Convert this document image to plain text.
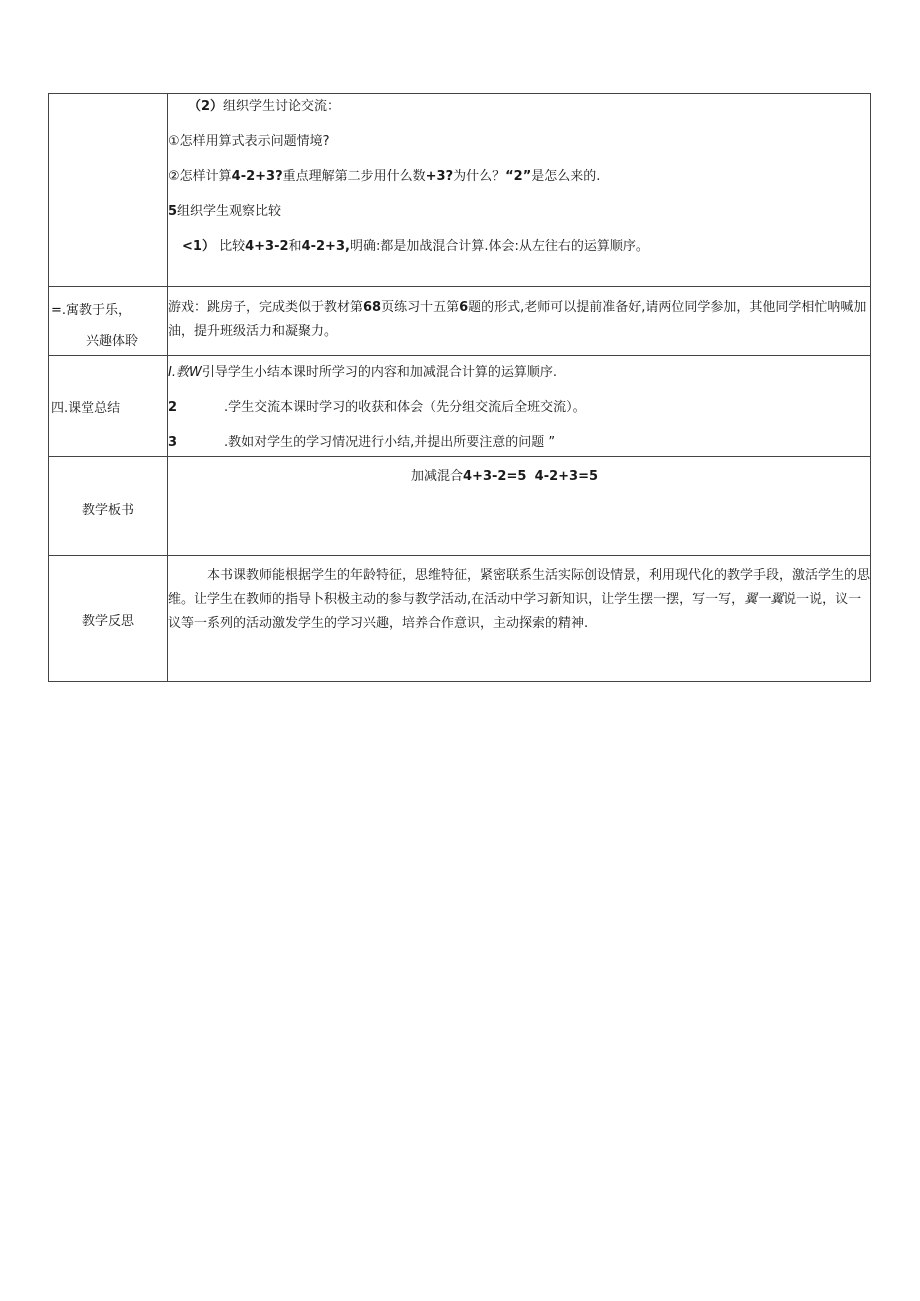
	（2）组织学生讨论交流：
①怎样用算式表示问题情境?
②怎样计算4-2+3?重点理解第二步用什么数+3?为什么？“2”是怎么来的.
5组织学生观察比较
<1） 比较4+3-2和4-2+3,明确:都是加战混合计算.体会:从左往右的运算顺序。

=.寓教于乐，
兴趣体聆	游戏：跳房子，完成类似于教材第68页练习十五第6题的形式,老师可以提前准备好,请两位同学参加，其他同学相忙呐喊加油，提升班级活力和凝聚力。

四.课堂总结	I.教W引导学生小结本课时所学习的内容和加减混合计算的运算顺序.
2 .学生交流本课时学习的收获和体会（先分组交流后全班交流）。
3 .教如对学生的学习情况进行小结,并提出所要注意的问题 ”

教学板书	加减混合4+3-2=5 4-2+3=5

教学反思	本书课教师能根据学生的年龄特征，思维特征，紧密联系生活实际创设情景，利用现代化的教学手段，激活学生的思维。让学生在教师的指导卜积极主动的参与教学活动,在活动中学习新知识，让学生摆一摆，写一写，翼一翼说一说，议一议等一系列的活动激发学生的学习兴趣，培养合作意识，主动探索的精神.
